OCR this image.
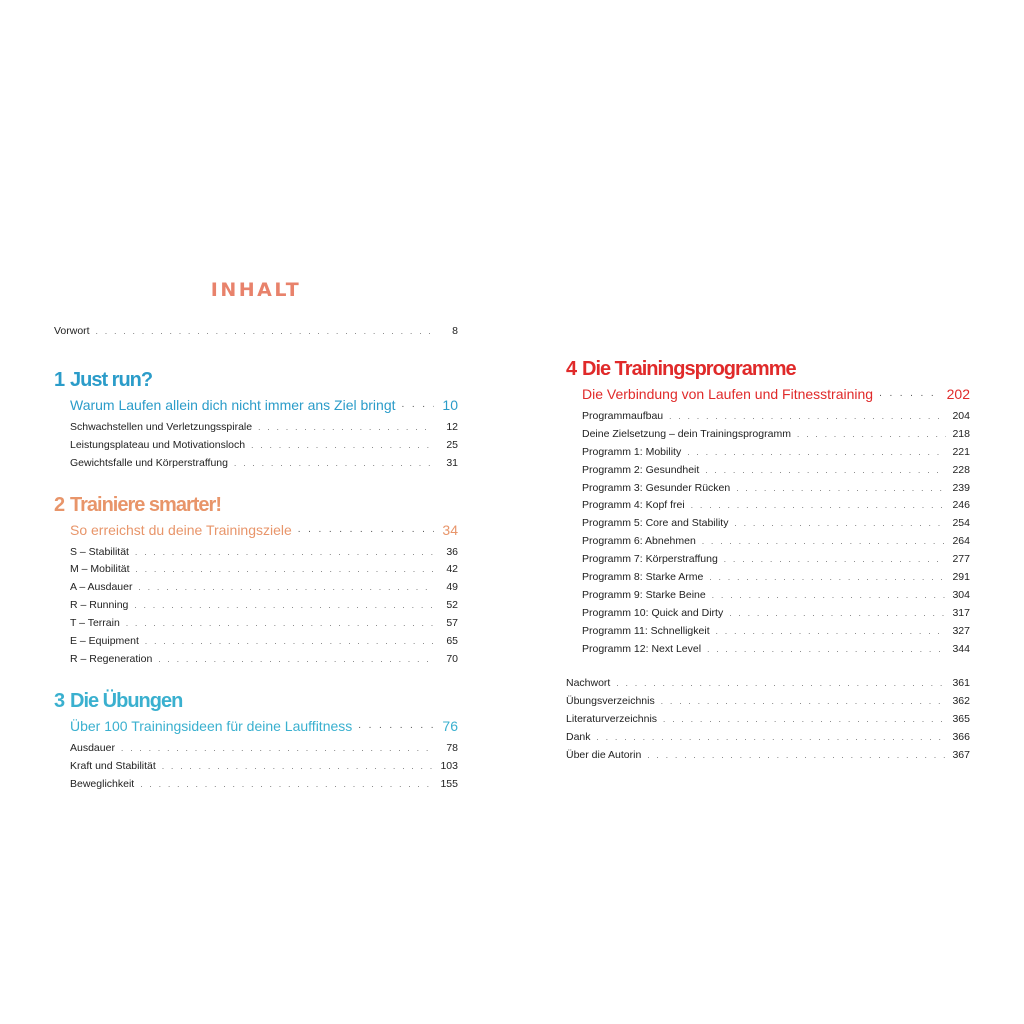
INHALT
Vorwort . . .	8
1 Just run?
Warum Laufen allein dich nicht immer ans Ziel bringt . . .	10
Schwachstellen und Verletzungsspirale . . .	12
Leistungsplateau und Motivationsloch . . .	25
Gewichtsfalle und Körperstraffung . . .	31
2 Trainiere smarter!
So erreichst du deine Trainingsziele . . .	34
S – Stabilität . . .	36
M – Mobilität . . .	42
A – Ausdauer . . .	49
R – Running . . .	52
T – Terrain . . .	57
E – Equipment . . .	65
R – Regeneration . . .	70
3 Die Übungen
Über 100 Trainingsideen für deine Lauffitness . . .	76
Ausdauer . . .	78
Kraft und Stabilität . . .	103
Beweglichkeit . . .	155
4 Die Trainingsprogramme
Die Verbindung von Laufen und Fitnesstraining . . .	202
Programmaufbau . . .	204
Deine Zielsetzung – dein Trainingsprogramm . . .	218
Programm 1: Mobility . . .	221
Programm 2: Gesundheit . . .	228
Programm 3: Gesunder Rücken . . .	239
Programm 4: Kopf frei . . .	246
Programm 5: Core and Stability . . .	254
Programm 6: Abnehmen . . .	264
Programm 7: Körperstraffung . . .	277
Programm 8: Starke Arme . . .	291
Programm 9: Starke Beine . . .	304
Programm 10: Quick and Dirty . . .	317
Programm 11: Schnelligkeit . . .	327
Programm 12: Next Level . . .	344
Nachwort . . .	361
Übungsverzeichnis . . .	362
Literaturverzeichnis . . .	365
Dank . . .	366
Über die Autorin . . .	367
